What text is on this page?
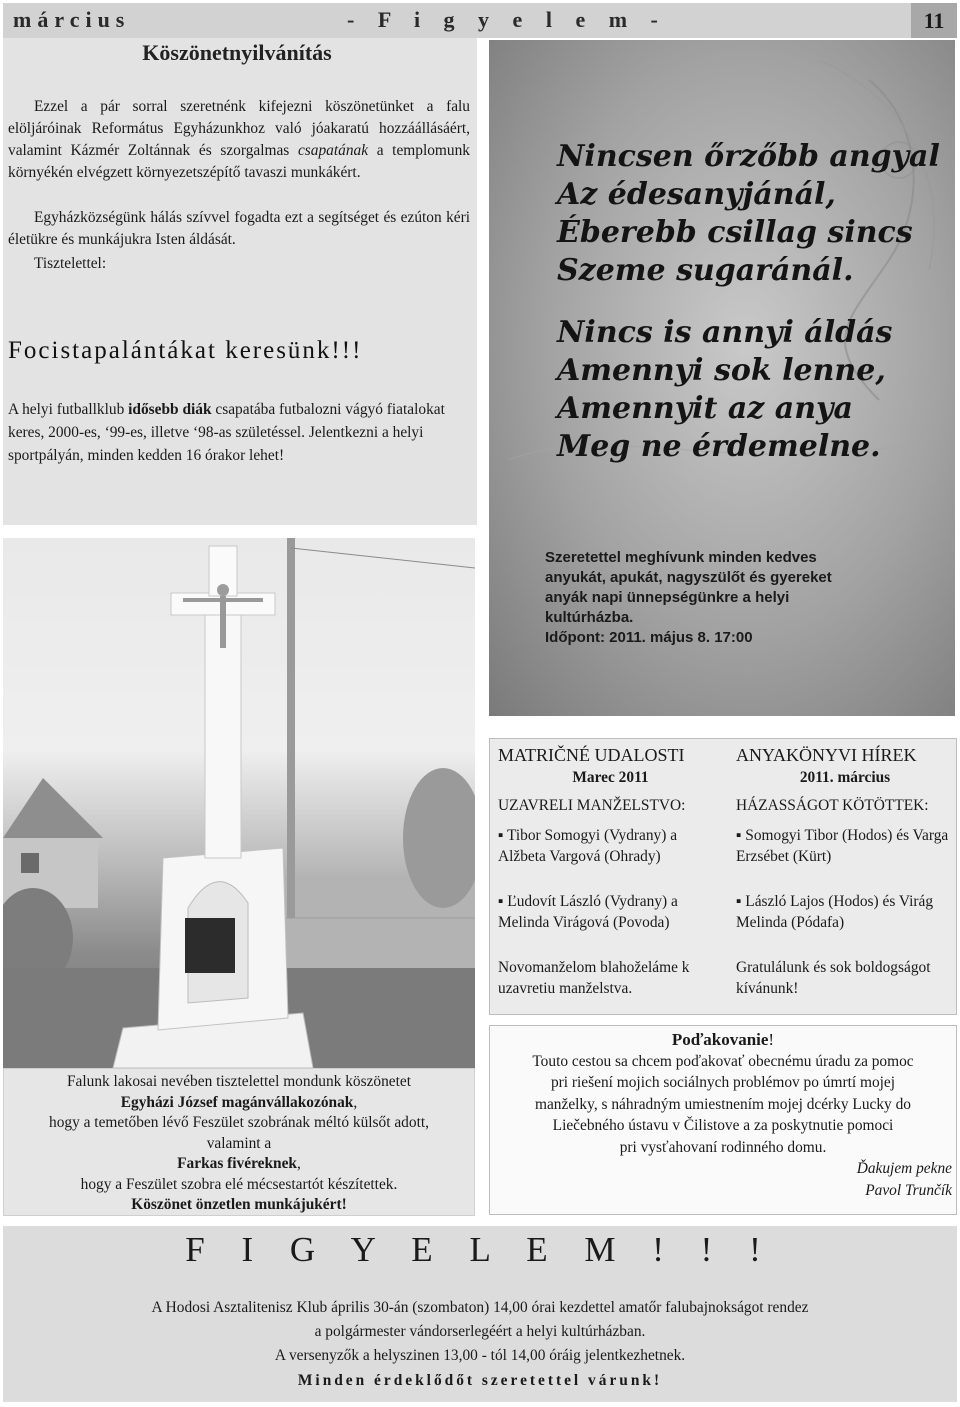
március	- F i g y e l e m -	11
Köszönetnyilvánítás
Ezzel a pár sorral szeretnénk kifejezni köszönetünket a falu elöljáróinak Református Egyházunkhoz való jóakaratú hozzáállásáért, valamint Kázmér Zoltánnak és szorgalmas csapatának a templomunk környékén elvégzett környezetszépítő tavaszi munkákért.
Egyházközségünk hálás szívvel fogadta ezt a segítséget és ezúton kéri életükre és munkájukra Isten áldását.
Tisztelettel:
Focistapalántákat keresünk!!!
A helyi futballklub idősebb diák csapatába futbalozni vágyó fiatalokat keres, 2000-es, ‘99-es, illetve ‘98-as születéssel. Jelentkezni a helyi sportpályán, minden kedden 16 órakor lehet!
Nincsen őrzőbb angyal
Az édesanyjánál,
Éberebb csillag sincs
Szeme sugaránál.
Nincs is annyi áldás
Amennyi sok lenne,
Amennyit az anya
Meg ne érdemelne.
Szeretettel meghívunk minden kedves
anyukát, apukát, nagyszülőt és gyereket
anyák napi ünnepségünkre a helyi
kultúrházba.
Időpont: 2011. május 8. 17:00
Falunk lakosai nevében tisztelettel mondunk köszönetet
Egyházi József magánvállakozónak,
hogy a temetőben lévő Feszület szobrának méltó külsőt adott,
valamint a
Farkas fivéreknek,
hogy a Feszület szobra elé mécsestartót készítettek.
Köszönet önzetlen munkájukért!
MATRIČNÉ UDALOSTI
Marec 2011
UZAVRELI MANŽELSTVO:
▪ Tibor Somogyi (Vydrany) a Alžbeta Vargová (Ohrady)
▪ Ľudovít László (Vydrany) a Melinda Virágová (Povoda)
Novomanželom blahoželáme k uzavretiu manželstva.
ANYAKÖNYVI HÍREK
2011. március
HÁZASSÁGOT KÖTÖTTEK:
▪ Somogyi Tibor (Hodos) és Varga Erzsébet (Kürt)
▪ László Lajos (Hodos) és Virág Melinda (Pódafa)
Gratulálunk és sok boldogságot kívánunk!
Poďakovanie!
Touto cestou sa chcem poďakovať obecnému úradu za pomoc
pri riešení mojich sociálnych problémov po úmrtí mojej
manželky, s náhradným umiestnením mojej dcérky Lucky do
Liečebného ústavu v Čilistove a za poskytnutie pomoci
pri vysťahovaní rodinného domu.
Ďakujem pekne
Pavol Trunčík
F I G Y E L E M ! ! !
A Hodosi Asztalitenisz Klub április 30-án (szombaton) 14,00 órai kezdettel amatőr falubajnokságot rendez
a polgármester vándorserlegéért a helyi kultúrházban.
A versenyzők a helyszinen 13,00 - tól 14,00 óráig jelentkezhetnek.
Minden érdeklődőt szeretettel várunk!
